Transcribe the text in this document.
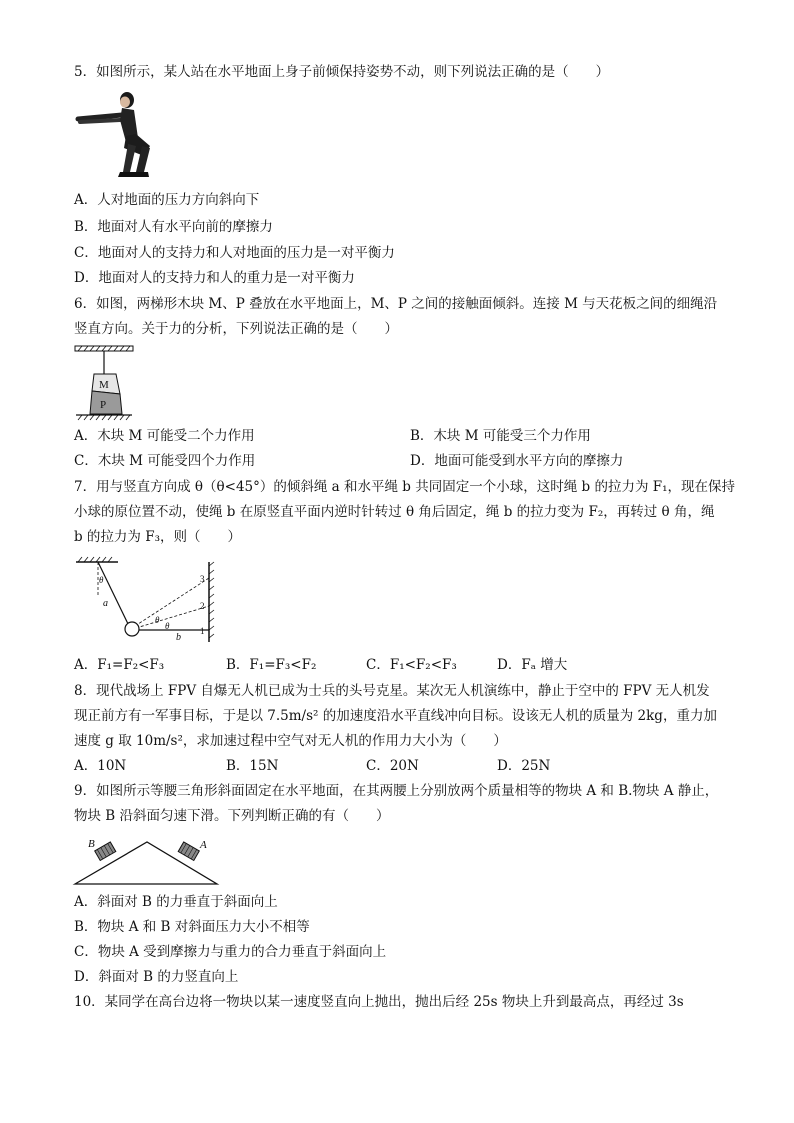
5．如图所示，某人站在水平地面上身子前倾保持姿势不动，则下列说法正确的是（　　）
A．人对地面的压力方向斜向下
B．地面对人有水平向前的摩擦力
C．地面对人的支持力和人对地面的压力是一对平衡力
D．地面对人的支持力和人的重力是一对平衡力
6．如图，两梯形木块 M、P 叠放在水平地面上，M、P 之间的接触面倾斜。连接 M 与天花板之间的细绳沿
竖直方向。关于力的分析，下列说法正确的是（　　）
M
P
A．木块 M 可能受二个力作用	B．木块 M 可能受三个力作用
C．木块 M 可能受四个力作用	D．地面可能受到水平方向的摩擦力
7．用与竖直方向成 θ（θ<45°）的倾斜绳 a 和水平绳 b 共同固定一个小球，这时绳 b 的拉力为 F₁，现在保持
小球的原位置不动，使绳 b 在原竖直平面内逆时针转过 θ 角后固定，绳 b 的拉力变为 F₂，再转过 θ 角，绳
b 的拉力为 F₃，则（　　）
θ
a
θ
θ
b
1
2
3
A．F₁=F₂<F₃	B．F₁=F₃<F₂	C．F₁<F₂<F₃	D．Fₐ 增大
8．现代战场上 FPV 自爆无人机已成为士兵的头号克星。某次无人机演练中，静止于空中的 FPV 无人机发
现正前方有一军事目标，于是以 7.5m/s² 的加速度沿水平直线冲向目标。设该无人机的质量为 2kg，重力加
速度 g 取 10m/s²，求加速过程中空气对无人机的作用力大小为（　　）
A．10N	B．15N	C．20N	D．25N
9．如图所示等腰三角形斜面固定在水平地面，在其两腰上分别放两个质量相等的物块 A 和 B.物块 A 静止，
物块 B 沿斜面匀速下滑。下列判断正确的有（　　）
B	A
A．斜面对 B 的力垂直于斜面向上
B．物块 A 和 B 对斜面压力大小不相等
C．物块 A 受到摩擦力与重力的合力垂直于斜面向上
D．斜面对 B 的力竖直向上
10．某同学在高台边将一物块以某一速度竖直向上抛出，抛出后经 25s 物块上升到最高点，再经过 3s
